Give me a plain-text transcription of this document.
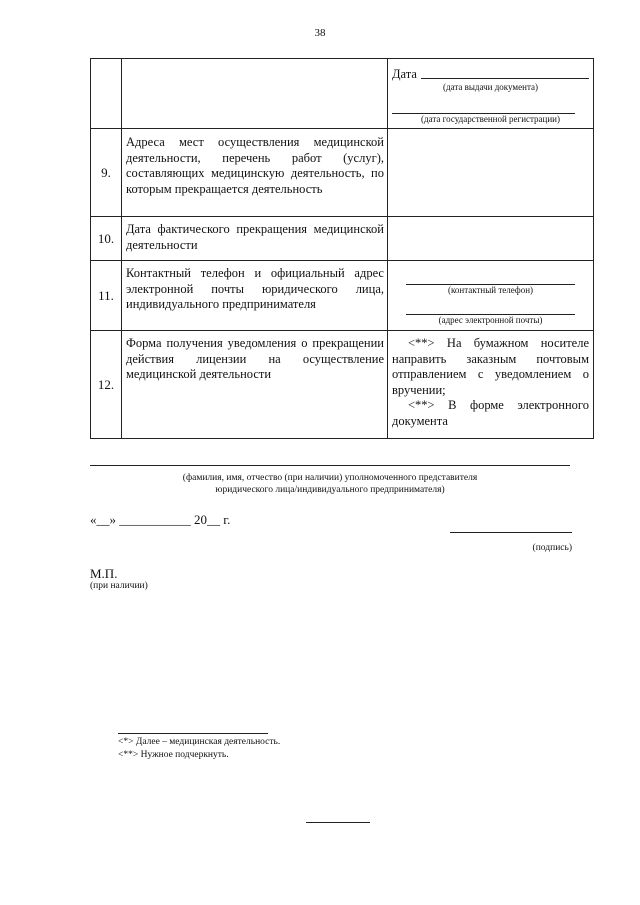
38

		Дата
(дата выдачи документа)
(дата государственной регистрации)

9.	Адреса мест осуществления медицинской деятельности, перечень работ (услуг), составляющих медицинскую деятельность, по которым прекращается деятельность	
10.	Дата фактического прекращения медицинской деятельности	
11.	Контактный телефон и официальный адрес электронной почты юридического лица, индивидуального предпринимателя	(контактный телефон)
(адрес электронной почты)

12.	Форма получения уведомления о прекращении действия лицензии на осуществление медицинской деятельности	<**> На бумажном носителе направить заказным почтовым отправлением с уведомлением о вручении;
<**> В форме электронного документа
(фамилия, имя, отчество (при наличии) уполномоченного представителя
юридического лица/индивидуального предпринимателя)
«__» ___________ 20__ г.
(подпись)
М.П.
(при наличии)
<*> Далее – медицинская деятельность.
<**> Нужное подчеркнуть.
